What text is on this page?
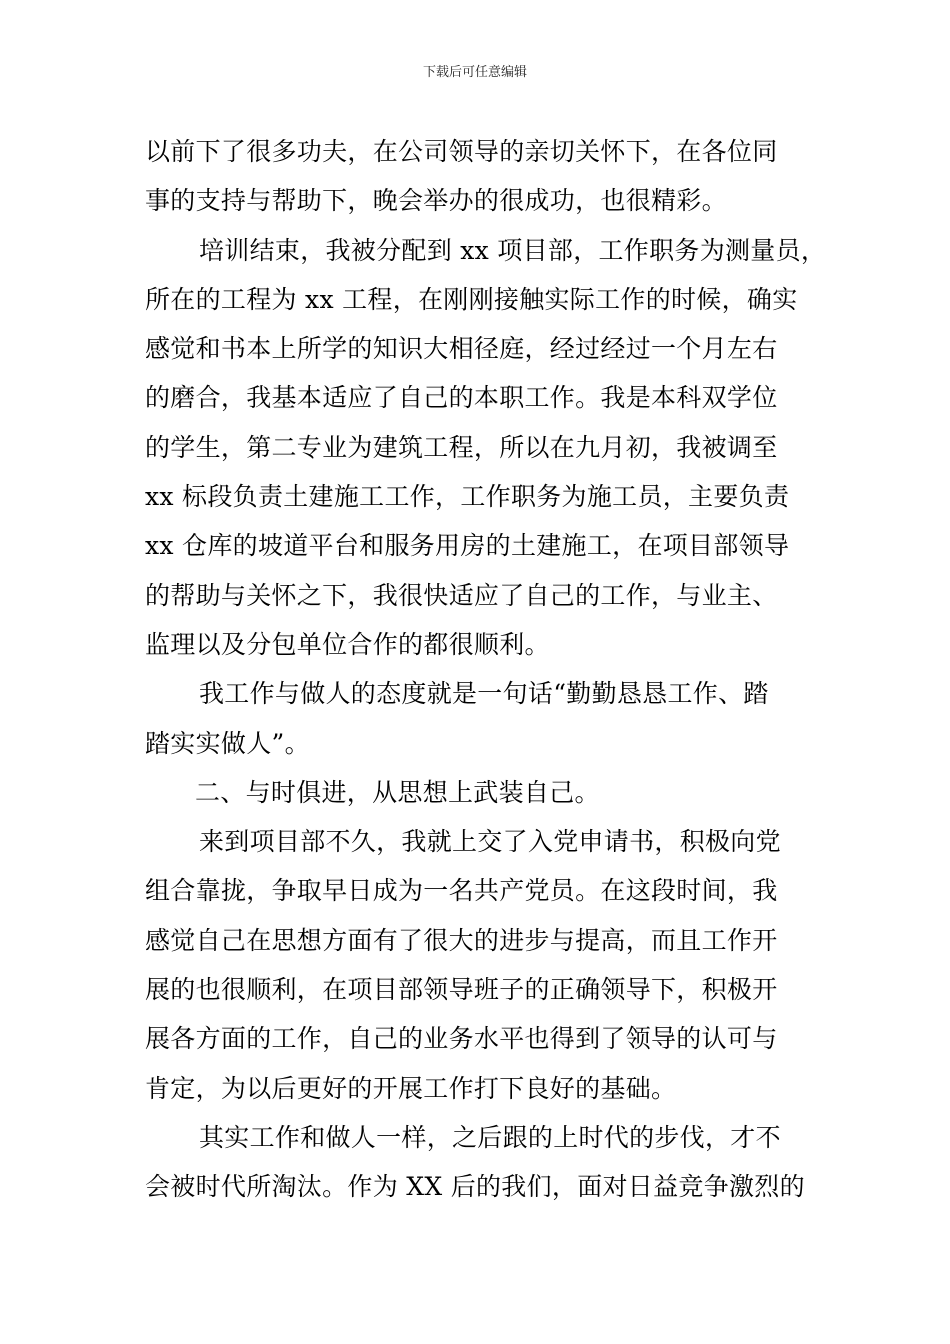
下载后可任意编辑
以前下了很多功夫，在公司领导的亲切关怀下，在各位同
事的支持与帮助下，晚会举办的很成功，也很精彩。
培训结束，我被分配到 xx 项目部，工作职务为测量员，
所在的工程为 xx 工程，在刚刚接触实际工作的时候，确实
感觉和书本上所学的知识大相径庭，经过经过一个月左右
的磨合，我基本适应了自己的本职工作。我是本科双学位
的学生，第二专业为建筑工程，所以在九月初，我被调至
xx 标段负责土建施工工作，工作职务为施工员，主要负责
xx 仓库的坡道平台和服务用房的土建施工，在项目部领导
的帮助与关怀之下，我很快适应了自己的工作，与业主、
监理以及分包单位合作的都很顺利。
我工作与做人的态度就是一句话“勤勤恳恳工作、踏
踏实实做人”。
二、与时俱进，从思想上武装自己。
来到项目部不久，我就上交了入党申请书，积极向党
组合靠拢，争取早日成为一名共产党员。在这段时间，我
感觉自己在思想方面有了很大的进步与提高，而且工作开
展的也很顺利，在项目部领导班子的正确领导下，积极开
展各方面的工作，自己的业务水平也得到了领导的认可与
肯定，为以后更好的开展工作打下良好的基础。
其实工作和做人一样，之后跟的上时代的步伐，才不
会被时代所淘汰。作为 XX 后的我们，面对日益竞争激烈的
